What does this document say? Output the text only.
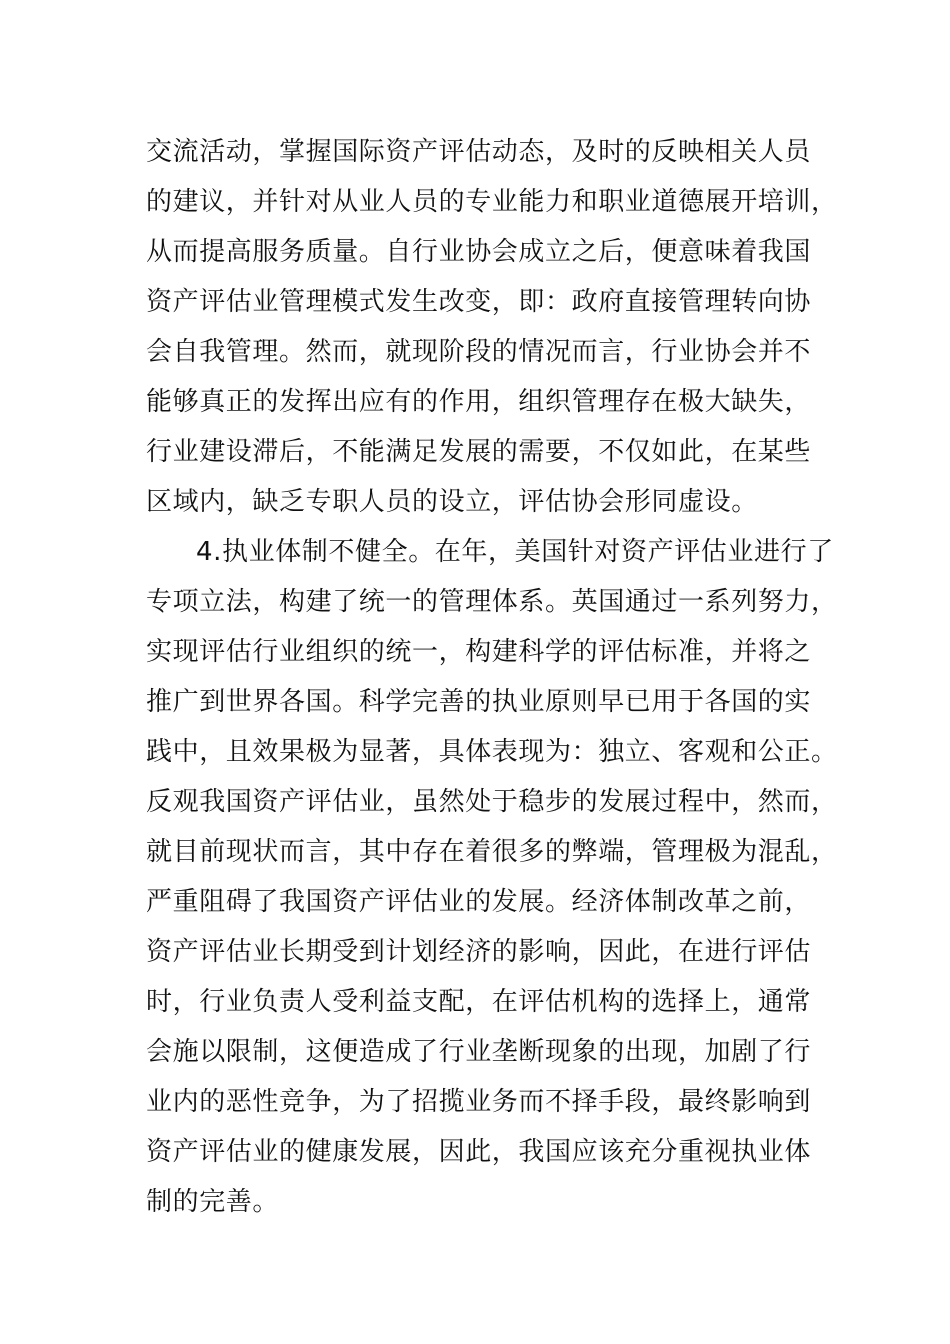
交流活动，掌握国际资产评估动态，及时的反映相关人员
的建议，并针对从业人员的专业能力和职业道德展开培训，
从而提高服务质量。自行业协会成立之后，便意味着我国
资产评估业管理模式发生改变，即：政府直接管理转向协
会自我管理。然而，就现阶段的情况而言，行业协会并不
能够真正的发挥出应有的作用，组织管理存在极大缺失，
行业建设滞后，不能满足发展的需要，不仅如此，在某些
区域内，缺乏专职人员的设立，评估协会形同虚设。
4.执业体制不健全。在年，美国针对资产评估业进行了
专项立法，构建了统一的管理体系。英国通过一系列努力，
实现评估行业组织的统一，构建科学的评估标准，并将之
推广到世界各国。科学完善的执业原则早已用于各国的实
践中，且效果极为显著，具体表现为：独立、客观和公正。
反观我国资产评估业，虽然处于稳步的发展过程中，然而，
就目前现状而言，其中存在着很多的弊端，管理极为混乱，
严重阻碍了我国资产评估业的发展。经济体制改革之前，
资产评估业长期受到计划经济的影响，因此，在进行评估
时，行业负责人受利益支配，在评估机构的选择上，通常
会施以限制，这便造成了行业垄断现象的出现，加剧了行
业内的恶性竞争，为了招揽业务而不择手段，最终影响到
资产评估业的健康发展，因此，我国应该充分重视执业体
制的完善。
